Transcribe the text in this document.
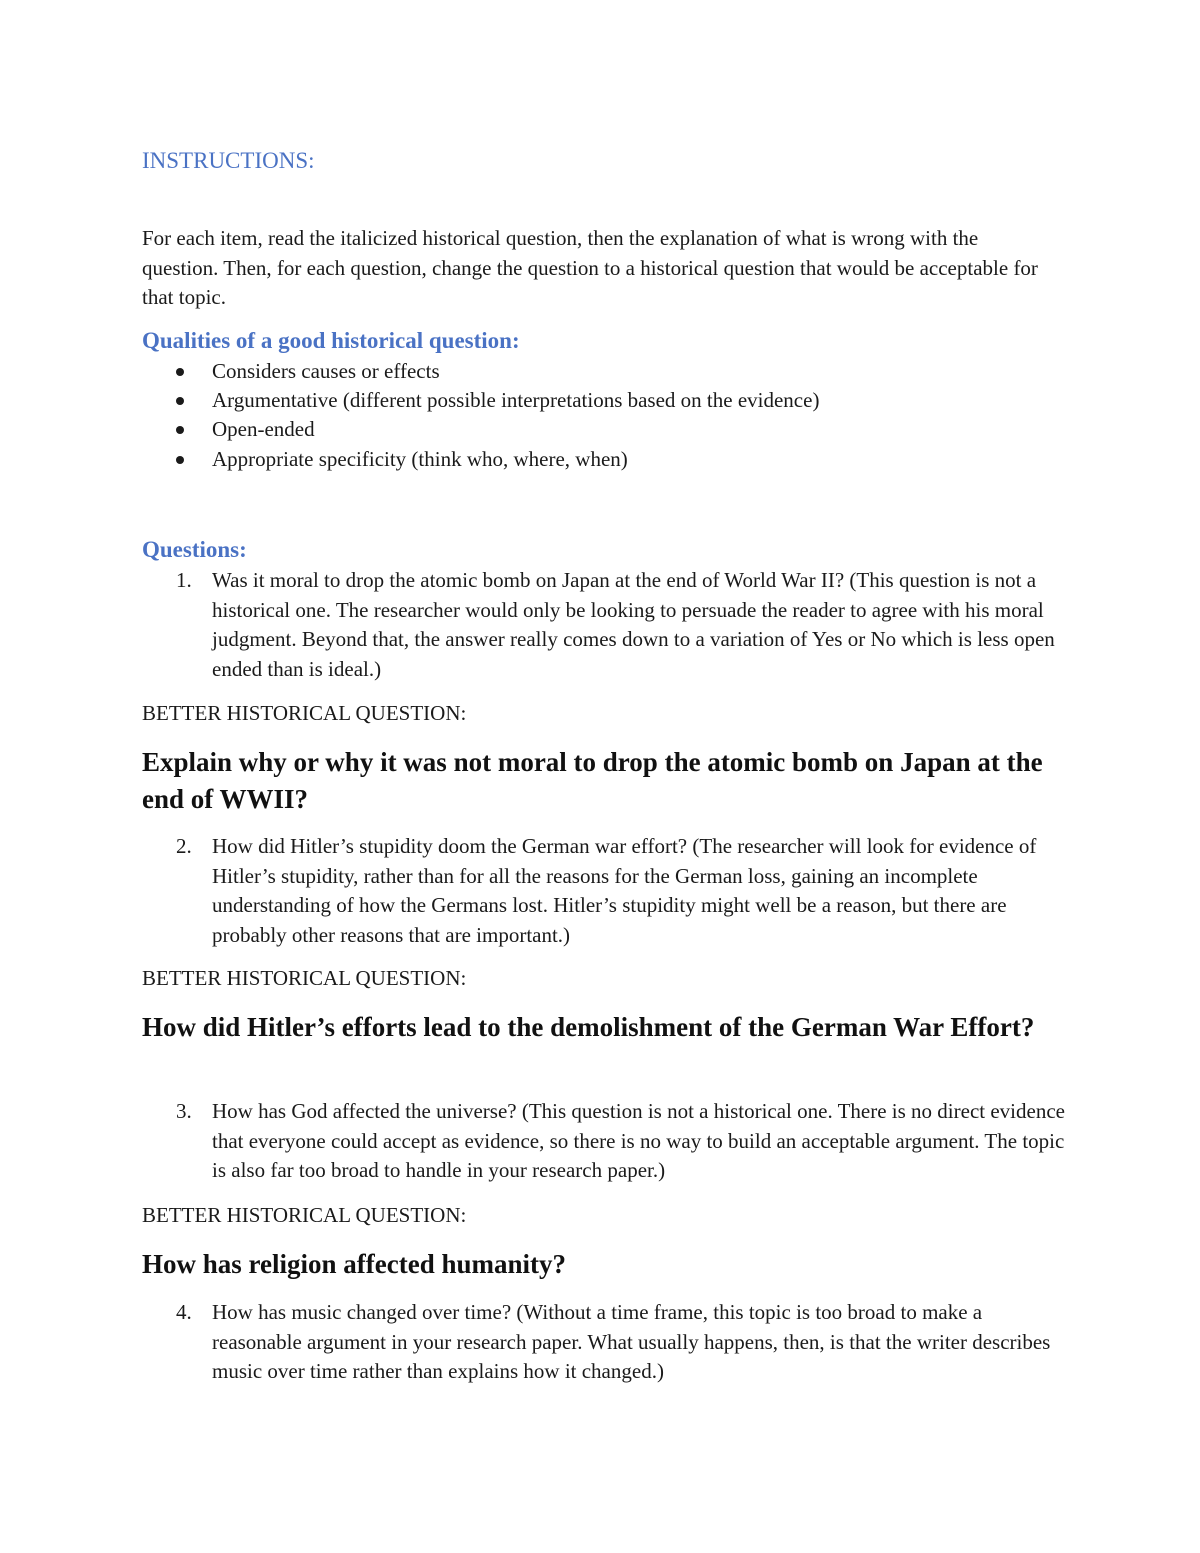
INSTRUCTIONS:

For each item, read the italicized historical question, then the explanation of what is wrong with the question. Then, for each question, change the question to a historical question that would be acceptable for that topic.

Qualities of a good historical question:
Considers causes or effects
Argumentative (different possible interpretations based on the evidence)
Open-ended
Appropriate specificity (think who, where, when)
Questions:
1. Was it moral to drop the atomic bomb on Japan at the end of World War II? (This question is not a historical one. The researcher would only be looking to persuade the reader to agree with his moral judgment. Beyond that, the answer really comes down to a variation of Yes or No which is less open ended than is ideal.)

BETTER HISTORICAL QUESTION:

Explain why or why it was not moral to drop the atomic bomb on Japan at the end of WWII?

2. How did Hitler’s stupidity doom the German war effort? (The researcher will look for evidence of Hitler’s stupidity, rather than for all the reasons for the German loss, gaining an incomplete understanding of how the Germans lost. Hitler’s stupidity might well be a reason, but there are probably other reasons that are important.)

BETTER HISTORICAL QUESTION:

How did Hitler’s efforts lead to the demolishment of the German War Effort?

3. How has God affected the universe? (This question is not a historical one. There is no direct evidence that everyone could accept as evidence, so there is no way to build an acceptable argument. The topic is also far too broad to handle in your research paper.)

BETTER HISTORICAL QUESTION:

How has religion affected humanity?

4. How has music changed over time? (Without a time frame, this topic is too broad to make a reasonable argument in your research paper. What usually happens, then, is that the writer describes music over time rather than explains how it changed.)
